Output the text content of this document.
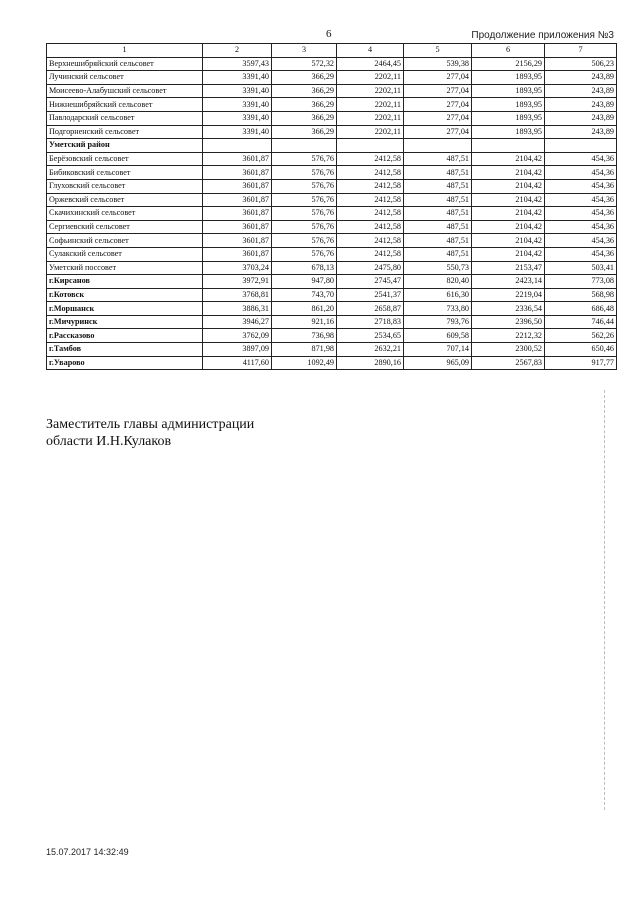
6	Продолжение приложения №3
1	2	3	4	5	6	7
Верхнешибряйский сельсовет	3597,43	572,32	2464,45	539,38	2156,29	506,23
Лучинский сельсовет	3391,40	366,29	2202,11	277,04	1893,95	243,89
Моисеево-Алабушский сельсовет	3391,40	366,29	2202,11	277,04	1893,95	243,89
Нижнешибряйский сельсовет	3391,40	366,29	2202,11	277,04	1893,95	243,89
Павлодарский сельсовет	3391,40	366,29	2202,11	277,04	1893,95	243,89
Подгорненский сельсовет	3391,40	366,29	2202,11	277,04	1893,95	243,89
Уметский район						
Берёзовский сельсовет	3601,87	576,76	2412,58	487,51	2104,42	454,36
Бибиковский сельсовет	3601,87	576,76	2412,58	487,51	2104,42	454,36
Глуховский сельсовет	3601,87	576,76	2412,58	487,51	2104,42	454,36
Оржевский сельсовет	3601,87	576,76	2412,58	487,51	2104,42	454,36
Скачихинский сельсовет	3601,87	576,76	2412,58	487,51	2104,42	454,36
Сергиевский сельсовет	3601,87	576,76	2412,58	487,51	2104,42	454,36
Софьинский сельсовет	3601,87	576,76	2412,58	487,51	2104,42	454,36
Сулакский сельсовет	3601,87	576,76	2412,58	487,51	2104,42	454,36
Уметский поссовет	3703,24	678,13	2475,80	550,73	2153,47	503,41
г.Кирсанов	3972,91	947,80	2745,47	820,40	2423,14	773,08
г.Котовск	3768,81	743,70	2541,37	616,30	2219,04	568,98
г.Моршанск	3886,31	861,20	2658,87	733,80	2336,54	686,48
г.Мичуринск	3946,27	921,16	2718,83	793,76	2396,50	746,44
г.Рассказово	3762,09	736,98	2534,65	609,58	2212,32	562,26
г.Тамбов	3897,09	871,98	2632,21	707,14	2300,52	650,46
г.Уварово	4117,60	1092,49	2890,16	965,09	2567,83	917,77
Заместитель главы администрации
области И.Н.Кулаков
15.07.2017 14:32:49
